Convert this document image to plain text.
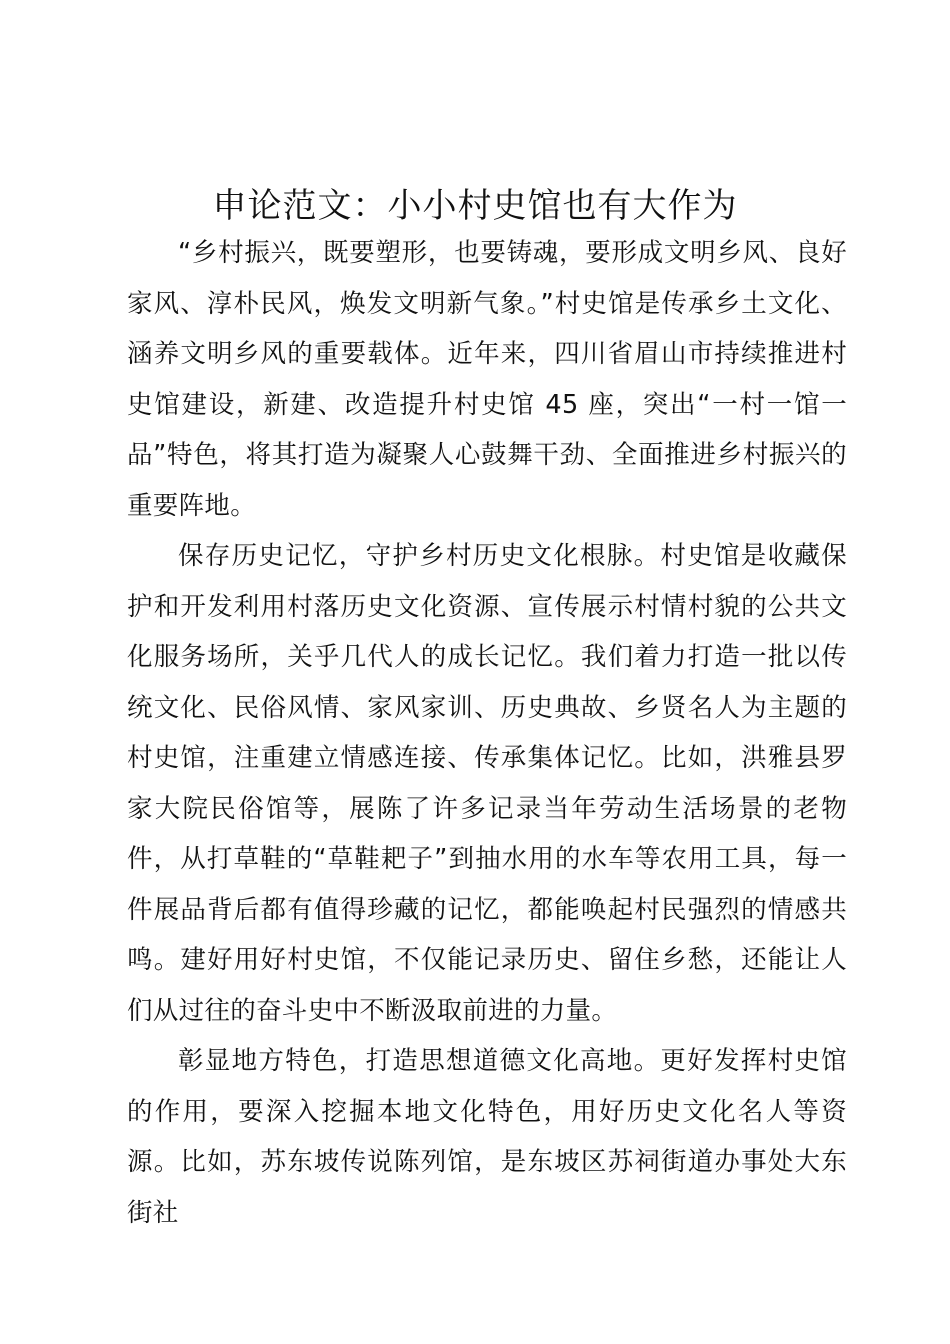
申论范文：小小村史馆也有大作为

“乡村振兴，既要塑形，也要铸魂，要形成文明乡风、良好家风、淳朴民风，焕发文明新气象。”村史馆是传承乡土文化、涵养文明乡风的重要载体。近年来，四川省眉山市持续推进村史馆建设，新建、改造提升村史馆 45 座，突出“一村一馆一品”特色，将其打造为凝聚人心鼓舞干劲、全面推进乡村振兴的重要阵地。

保存历史记忆，守护乡村历史文化根脉。村史馆是收藏保护和开发利用村落历史文化资源、宣传展示村情村貌的公共文化服务场所，关乎几代人的成长记忆。我们着力打造一批以传统文化、民俗风情、家风家训、历史典故、乡贤名人为主题的村史馆，注重建立情感连接、传承集体记忆。比如，洪雅县罗家大院民俗馆等，展陈了许多记录当年劳动生活场景的老物件，从打草鞋的“草鞋耙子”到抽水用的水车等农用工具，每一件展品背后都有值得珍藏的记忆，都能唤起村民强烈的情感共鸣。建好用好村史馆，不仅能记录历史、留住乡愁，还能让人们从过往的奋斗史中不断汲取前进的力量。

彰显地方特色，打造思想道德文化高地。更好发挥村史馆的作用，要深入挖掘本地文化特色，用好历史文化名人等资源。比如，苏东坡传说陈列馆，是东坡区苏祠街道办事处大东街社
